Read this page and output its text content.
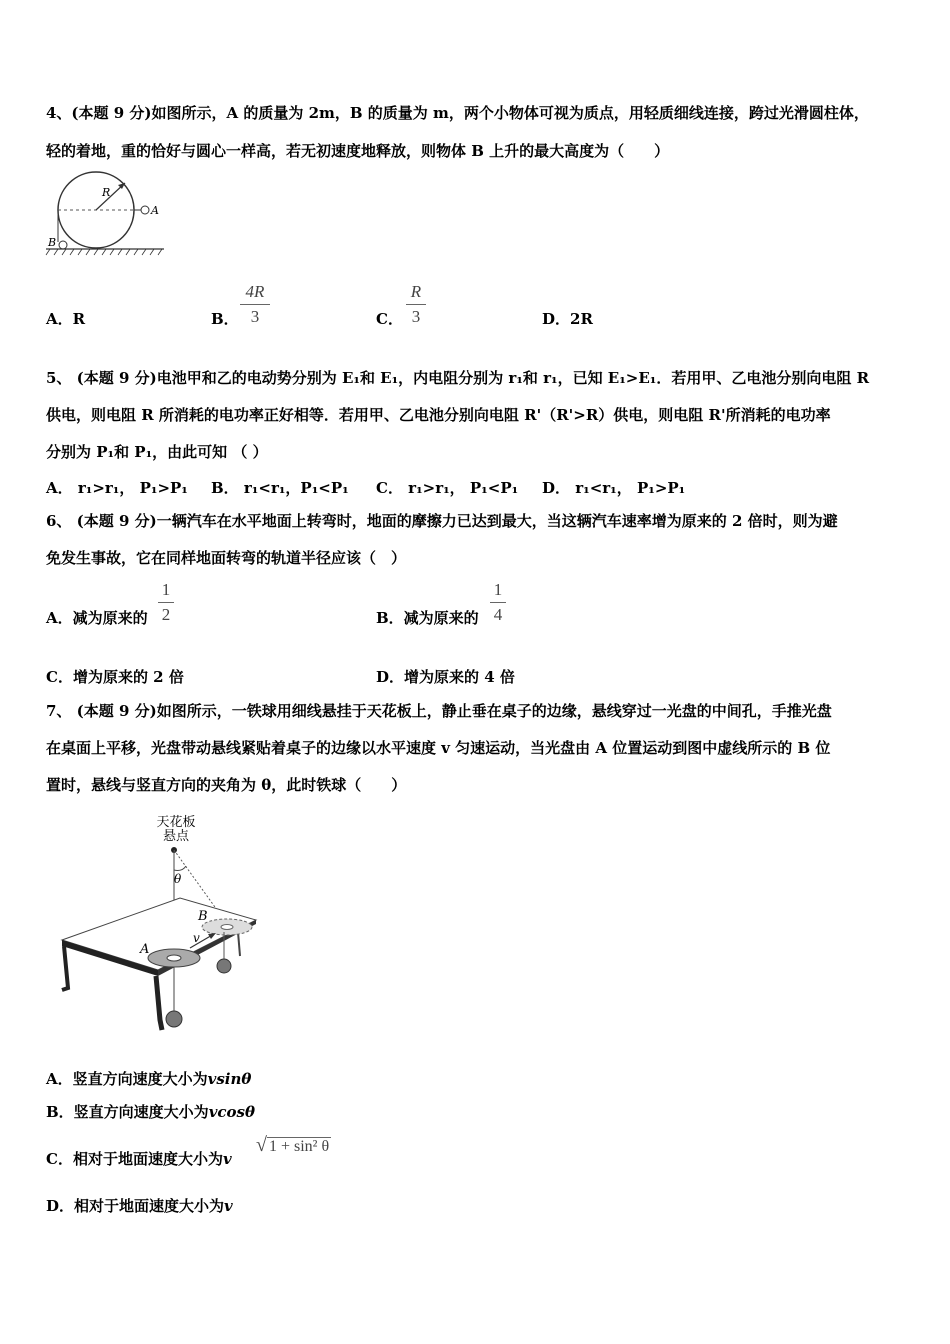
4、(本题 9 分)如图所示，A 的质量为 2m，B 的质量为 m，两个小物体可视为质点，用轻质细线连接，跨过光滑圆柱体，
轻的着地，重的恰好与圆心一样高，若无初速度地释放，则物体 B 上升的最大高度为（　　）
R
A
B
A．R	B．
4R
3	C．
R
3	D．2R
5、 (本题 9 分)电池甲和乙的电动势分别为 E₁和 E₁，内电阻分别为 r₁和 r₁，已知 E₁>E₁．若用甲、乙电池分别向电阻 R
供电，则电阻 R 所消耗的电功率正好相等．若用甲、乙电池分别向电阻 R'（R'>R）供电，则电阻 R'所消耗的电功率
分别为 P₁和 P₁，由此可知 （ ）
A． r₁>r₁， P₁>P₁ B． r₁<r₁，P₁<P₁ C． r₁>r₁， P₁<P₁ D． r₁<r₁， P₁>P₁
6、 (本题 9 分)一辆汽车在水平地面上转弯时，地面的摩擦力已达到最大，当这辆汽车速率增为原来的 2 倍时，则为避
免发生事故，它在同样地面转弯的轨道半径应该（　）
A．减为原来的
1
2	B．减为原来的
1
4
C．增为原来的 2 倍	D．增为原来的 4 倍
7、 (本题 9 分)如图所示，一铁球用细线悬挂于天花板上，静止垂在桌子的边缘，悬线穿过一光盘的中间孔，手推光盘
在桌面上平移，光盘带动悬线紧贴着桌子的边缘以水平速度 v 匀速运动，当光盘由 A 位置运动到图中虚线所示的 B 位
置时，悬线与竖直方向的夹角为 θ，此时铁球（　　）
天花板
悬点
θ
A
B
v
A．竖直方向速度大小为vsinθ
B．竖直方向速度大小为vcosθ
C．相对于地面速度大小为v
√ 1 + sin² θ
D．相对于地面速度大小为v
